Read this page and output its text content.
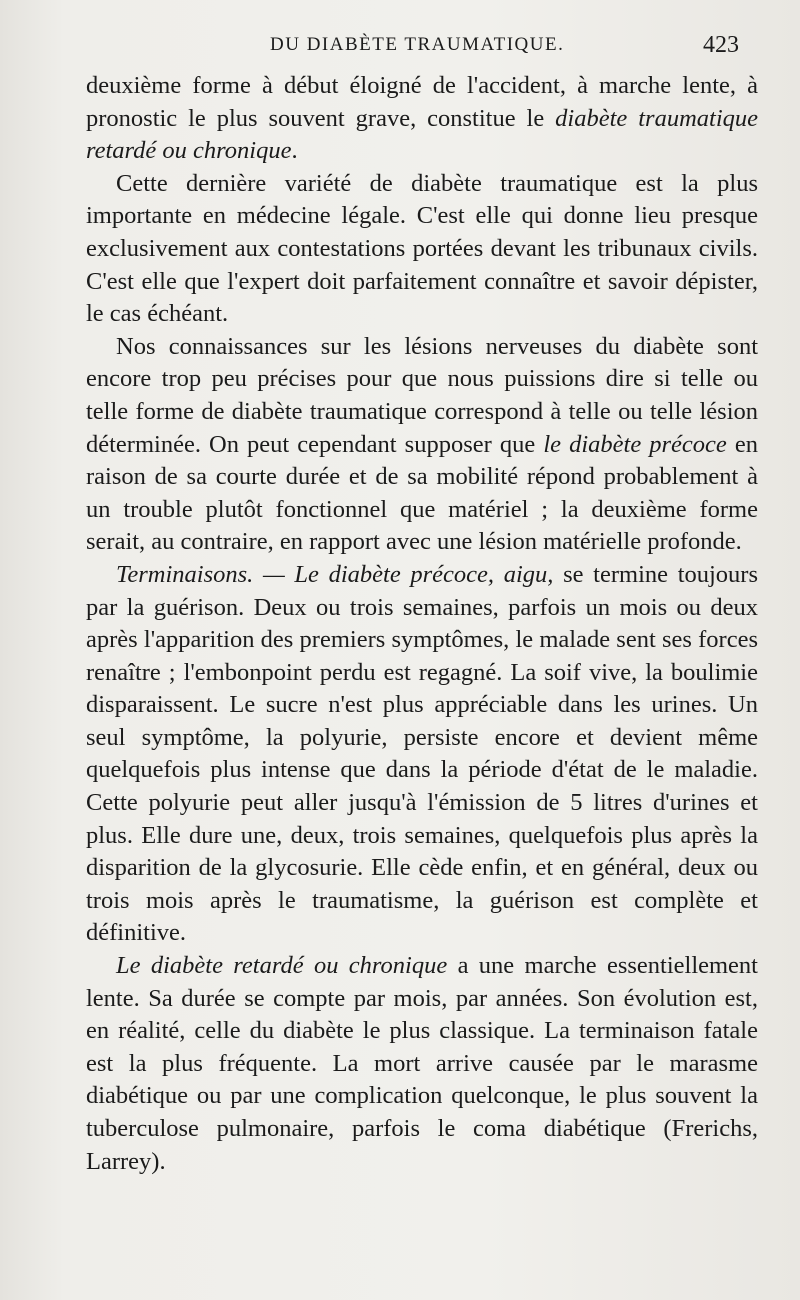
DU DIABÈTE TRAUMATIQUE.	423

deuxième forme à début éloigné de l'accident, à marche lente, à pronostic le plus souvent grave, constitue le diabète traumatique retardé ou chronique.

Cette dernière variété de diabète traumatique est la plus importante en médecine légale. C'est elle qui donne lieu presque exclusivement aux contestations portées devant les tribunaux civils. C'est elle que l'expert doit parfaitement connaître et savoir dépister, le cas échéant.

Nos connaissances sur les lésions nerveuses du diabète sont encore trop peu précises pour que nous puissions dire si telle ou telle forme de diabète traumatique correspond à telle ou telle lésion déterminée. On peut cependant supposer que le diabète précoce en raison de sa courte durée et de sa mobilité répond probablement à un trouble plutôt fonctionnel que matériel ; la deuxième forme serait, au contraire, en rapport avec une lésion matérielle profonde.

Terminaisons. — Le diabète précoce, aigu, se termine toujours par la guérison. Deux ou trois semaines, parfois un mois ou deux après l'apparition des premiers symptômes, le malade sent ses forces renaître ; l'embonpoint perdu est regagné. La soif vive, la boulimie disparaissent. Le sucre n'est plus appréciable dans les urines. Un seul symptôme, la polyurie, persiste encore et devient même quelquefois plus intense que dans la période d'état de le maladie. Cette polyurie peut aller jusqu'à l'émission de 5 litres d'urines et plus. Elle dure une, deux, trois semaines, quelquefois plus après la disparition de la glycosurie. Elle cède enfin, et en général, deux ou trois mois après le traumatisme, la guérison est complète et définitive.

Le diabète retardé ou chronique a une marche essentiellement lente. Sa durée se compte par mois, par années. Son évolution est, en réalité, celle du diabète le plus classique. La terminaison fatale est la plus fréquente. La mort arrive causée par le marasme diabétique ou par une complication quelconque, le plus souvent la tuberculose pulmonaire, parfois le coma diabétique (Frerichs, Larrey).
